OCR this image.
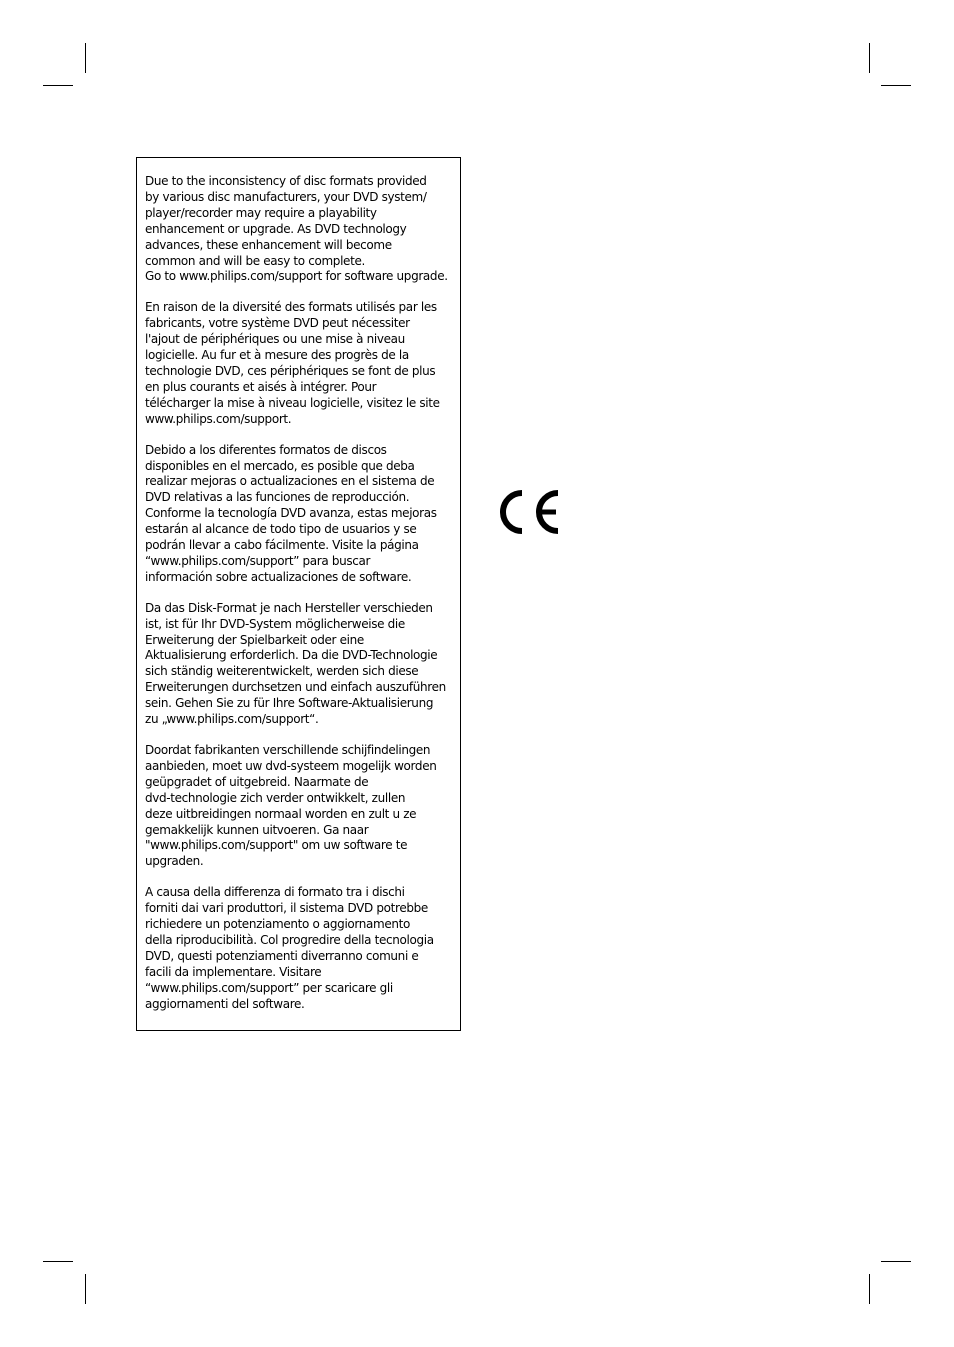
Due to the inconsistency of disc formats provided
by various disc manufacturers, your DVD system/
player/recorder may require a playability
enhancement or upgrade. As DVD technology
advances, these enhancement will become
common and will be easy to complete.
Go to www.philips.com/support for software upgrade.
En raison de la diversité des formats utilisés par les
fabricants, votre système DVD peut nécessiter
l'ajout de périphériques ou une mise à niveau
logicielle. Au fur et à mesure des progrès de la
technologie DVD, ces périphériques se font de plus
en plus courants et aisés à intégrer. Pour
télécharger la mise à niveau logicielle, visitez le site
www.philips.com/support.
Debido a los diferentes formatos de discos
disponibles en el mercado, es posible que deba
realizar mejoras o actualizaciones en el sistema de
DVD relativas a las funciones de reproducción.
Conforme la tecnología DVD avanza, estas mejoras
estarán al alcance de todo tipo de usuarios y se
podrán llevar a cabo fácilmente. Visite la página
“www.philips.com/support” para buscar
información sobre actualizaciones de software.
Da das Disk-Format je nach Hersteller verschieden
ist, ist für Ihr DVD-System möglicherweise die
Erweiterung der Spielbarkeit oder eine
Aktualisierung erforderlich. Da die DVD-Technologie
sich ständig weiterentwickelt, werden sich diese
Erweiterungen durchsetzen und einfach auszuführen
sein. Gehen Sie zu für Ihre Software-Aktualisierung
zu „www.philips.com/support“.
Doordat fabrikanten verschillende schijfindelingen
aanbieden, moet uw dvd-systeem mogelijk worden
geüpgradet of uitgebreid. Naarmate de
dvd-technologie zich verder ontwikkelt, zullen
deze uitbreidingen normaal worden en zult u ze
gemakkelijk kunnen uitvoeren. Ga naar
"www.philips.com/support" om uw software te
upgraden.
A causa della differenza di formato tra i dischi
forniti dai vari produttori, il sistema DVD potrebbe
richiedere un potenziamento o aggiornamento
della riproducibilità. Col progredire della tecnologia
DVD, questi potenziamenti diverranno comuni e
facili da implementare. Visitare
“www.philips.com/support” per scaricare gli
aggiornamenti del software.
